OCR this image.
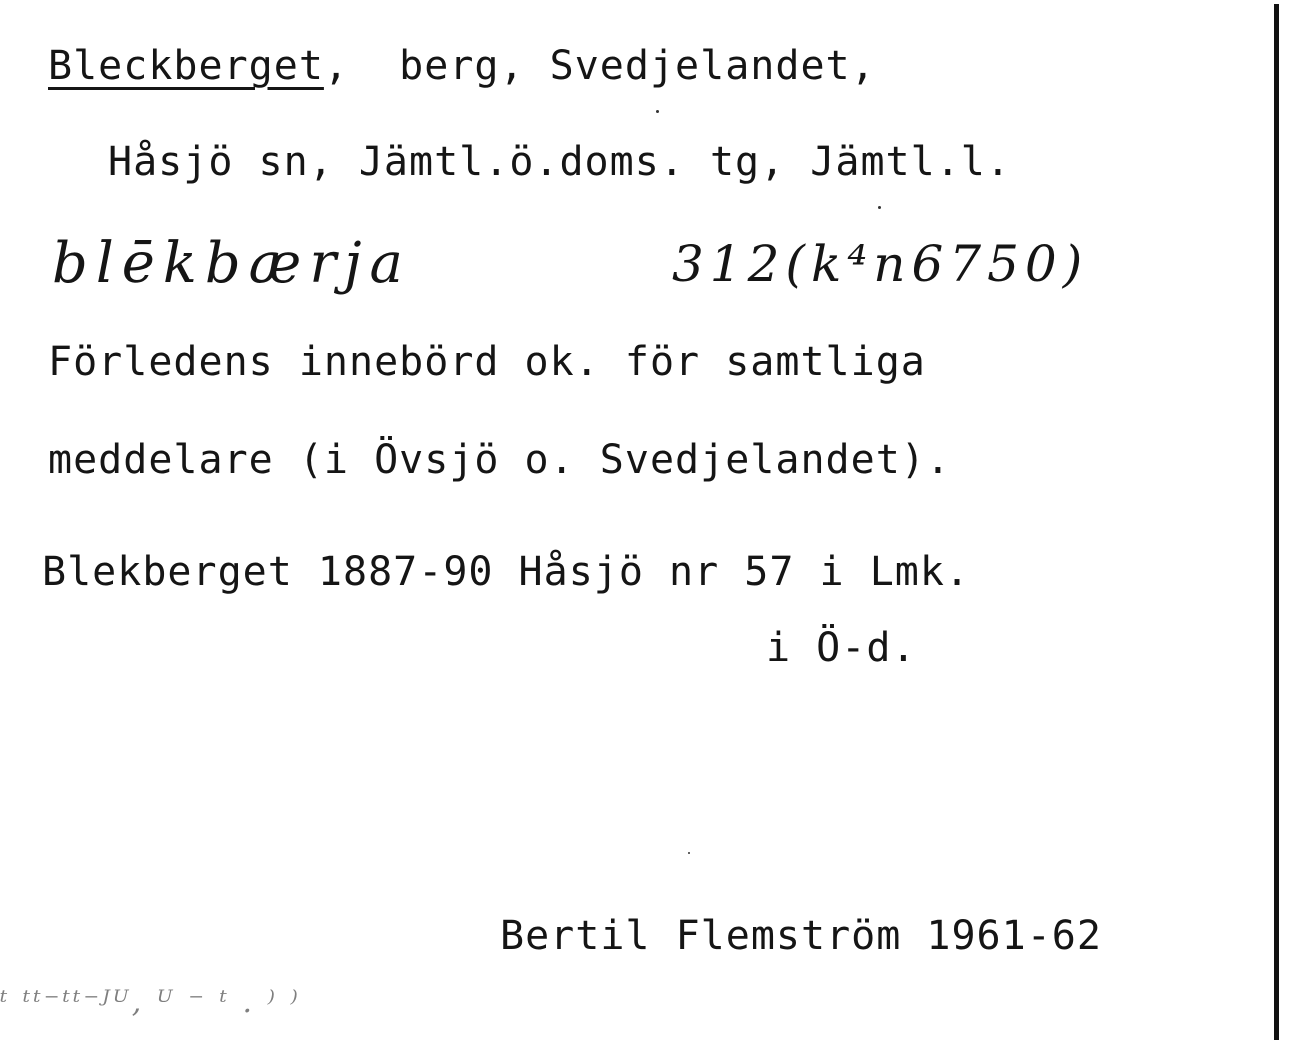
Bleckberget,  berg, Svedjelandet,
Håsjö sn, Jämtl.ö.doms. tg, Jämtl.l.
blēkbærja	312(k⁴n6750)
Förledens innebörd ok. för samtliga
meddelare (i Övsjö o. Svedjelandet).
Blekberget 1887-90 Håsjö nr 57 i Lmk.
i Ö-d.
Bertil Flemström 1961-62
ᵗ ᵗᵗ⁻ᵗᵗ⁻ᴶᵁ, ᵁ ⁻ ᵗ . ⁾ ⁾
